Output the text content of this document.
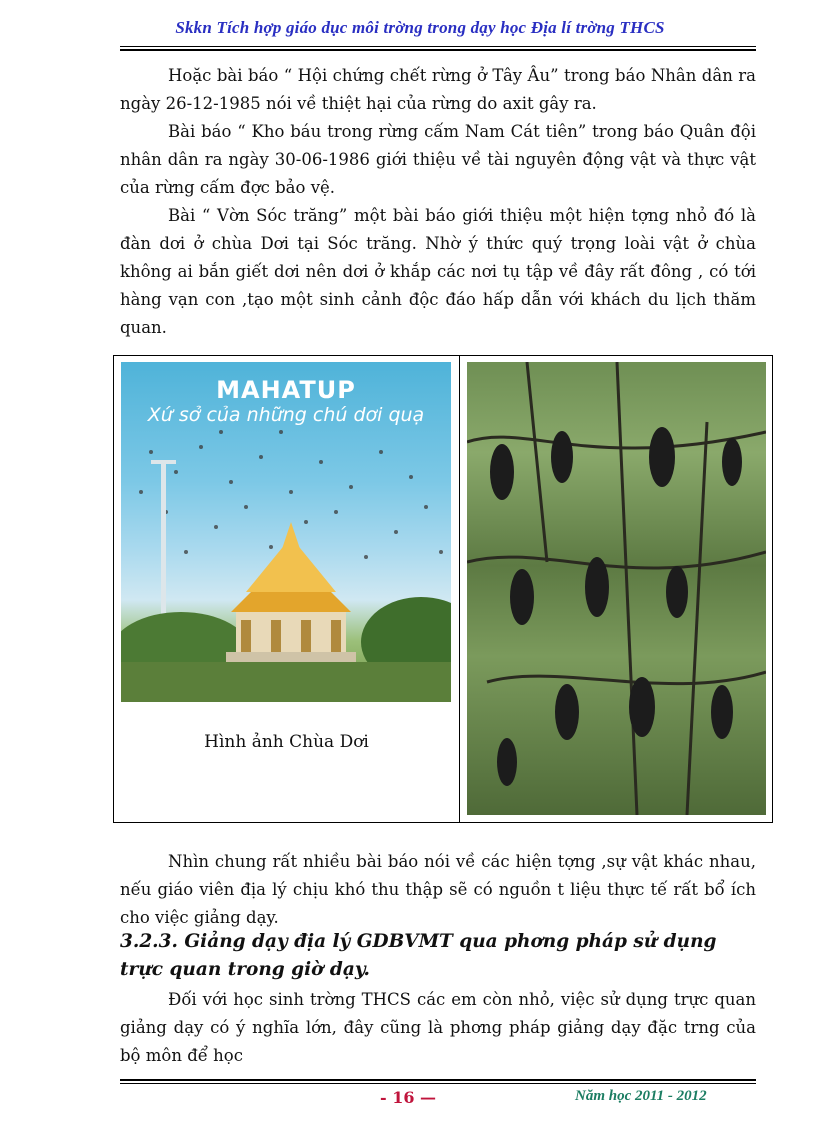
Skkn Tích hợp giáo dục môi trờng trong dạy học Địa lí trờng THCS

Hoặc bài báo “ Hội chứng chết rừng ở Tây Âu” trong báo Nhân dân ra ngày 26-12-1985 nói về thiệt hại của rừng do axit gây ra.

Bài báo “ Kho báu trong rừng cấm Nam Cát tiên” trong báo Quân đội nhân dân ra ngày 30-06-1986 giới thiệu về tài nguyên động vật và thực vật của rừng cấm đợc bảo vệ.

Bài “ Vờn Sóc trăng” một bài báo giới thiệu một hiện tợng nhỏ đó là đàn dơi ở chùa Dơi tại Sóc trăng. Nhờ ý thức quý trọng loài vật ở chùa không ai bắn giết dơi nên dơi ở khắp các nơi tụ tập về đây rất đông , có tới hàng vạn con ,tạo một sinh cảnh độc đáo hấp dẫn với khách du lịch thăm quan.

MAHATUP
Xứ sở của những chú dơi quạ
Hình ảnh Chùa Dơi

Nhìn chung rất nhiều bài báo nói về các hiện tợng ,sự vật khác nhau, nếu giáo viên địa lý chịu khó thu thập sẽ có nguồn t liệu thực tế rất bổ ích cho việc giảng dạy.

3.2.3. Giảng dạy địa lý GDBVMT qua phơng pháp sử dụng trực quan trong giờ dạy.

Đối với học sinh trờng THCS các em còn nhỏ, việc sử dụng trực quan giảng dạy có ý nghĩa lớn, đây cũng là phơng pháp giảng dạy đặc trng của bộ môn để học

- 16 —	Năm học 2011 - 2012
